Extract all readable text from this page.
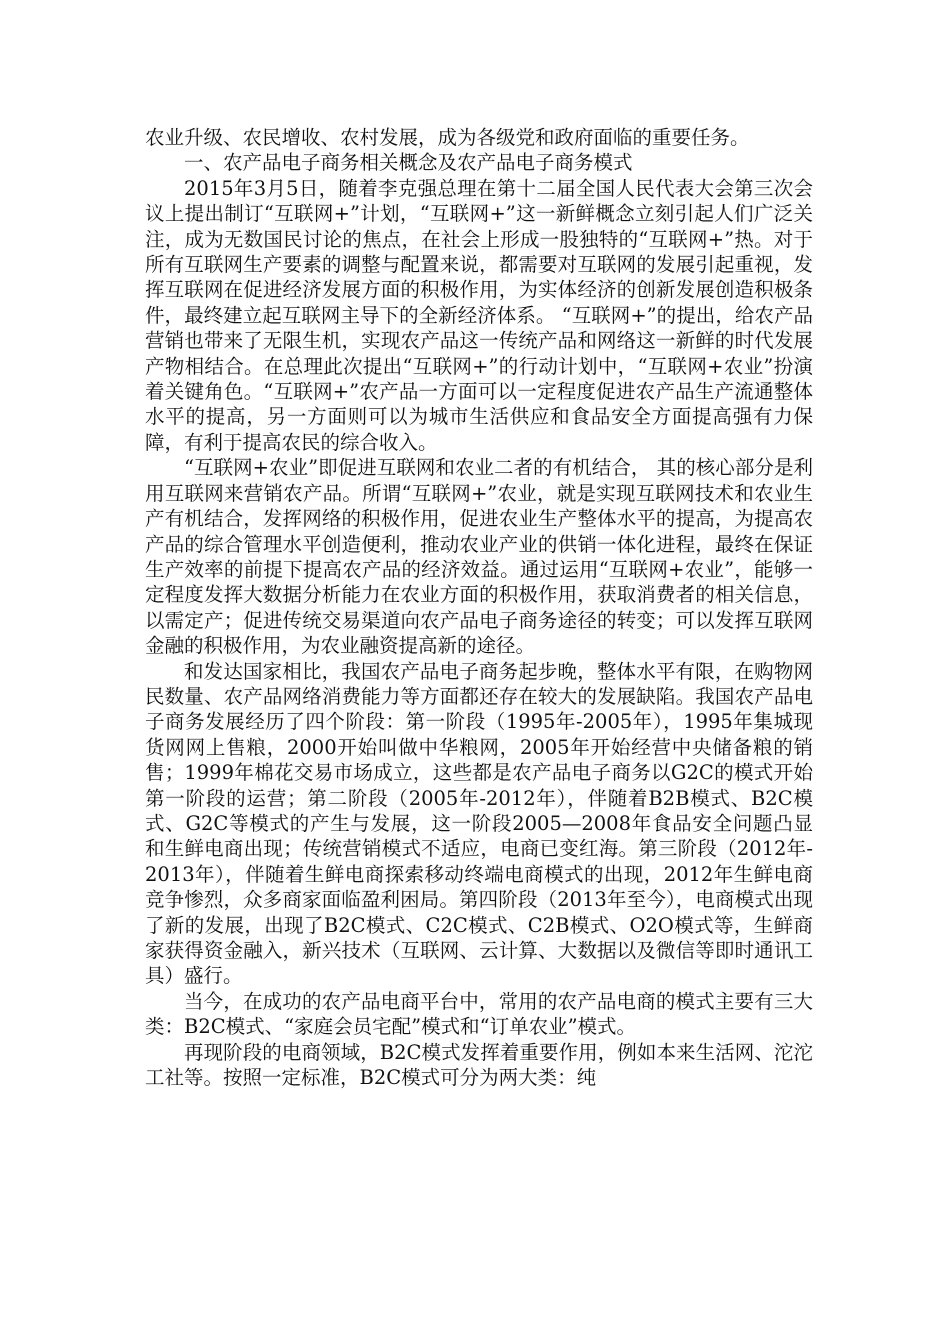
农业升级、农民增收、农村发展，成为各级党和政府面临的重要任务。

一、农产品电子商务相关概念及农产品电子商务模式

2015年3月5日，随着李克强总理在第十二届全国人民代表大会第三次会议上提出制订“互联网+”计划，“互联网+”这一新鲜概念立刻引起人们广泛关注，成为无数国民讨论的焦点，在社会上形成一股独特的“互联网+”热。对于所有互联网生产要素的调整与配置来说，都需要对互联网的发展引起重视，发挥互联网在促进经济发展方面的积极作用，为实体经济的创新发展创造积极条件，最终建立起互联网主导下的全新经济体系。 “互联网+”的提出，给农产品营销也带来了无限生机，实现农产品这一传统产品和网络这一新鲜的时代发展产物相结合。在总理此次提出“互联网+”的行动计划中，“互联网+农业”扮演着关键角色。“互联网+”农产品一方面可以一定程度促进农产品生产流通整体水平的提高，另一方面则可以为城市生活供应和食品安全方面提高强有力保障，有利于提高农民的综合收入。

“互联网+农业”即促进互联网和农业二者的有机结合， 其的核心部分是利用互联网来营销农产品。所谓“互联网+”农业，就是实现互联网技术和农业生产有机结合，发挥网络的积极作用，促进农业生产整体水平的提高，为提高农产品的综合管理水平创造便利，推动农业产业的供销一体化进程，最终在保证生产效率的前提下提高农产品的经济效益。通过运用“互联网+农业”，能够一定程度发挥大数据分析能力在农业方面的积极作用，获取消费者的相关信息，以需定产；促进传统交易渠道向农产品电子商务途径的转变；可以发挥互联网金融的积极作用，为农业融资提高新的途径。

和发达国家相比，我国农产品电子商务起步晚，整体水平有限，在购物网民数量、农产品网络消费能力等方面都还存在较大的发展缺陷。我国农产品电子商务发展经历了四个阶段：第一阶段（1995年-2005年），1995年集城现货网网上售粮，2000开始叫做中华粮网，2005年开始经营中央储备粮的销售；1999年棉花交易市场成立，这些都是农产品电子商务以G2C的模式开始第一阶段的运营；第二阶段（2005年-2012年），伴随着B2B模式、B2C模式、G2C等模式的产生与发展，这一阶段2005—2008年食品安全问题凸显和生鲜电商出现；传统营销模式不适应，电商已变红海。第三阶段（2012年-2013年），伴随着生鲜电商探索移动终端电商模式的出现，2012年生鲜电商竞争惨烈，众多商家面临盈利困局。第四阶段（2013年至今），电商模式出现了新的发展，出现了B2C模式、C2C模式、C2B模式、O2O模式等，生鲜商家获得资金融入，新兴技术（互联网、云计算、大数据以及微信等即时通讯工具）盛行。

当今，在成功的农产品电商平台中，常用的农产品电商的模式主要有三大类：B2C模式、“家庭会员宅配”模式和“订单农业”模式。

再现阶段的电商领域，B2C模式发挥着重要作用，例如本来生活网、沱沱工社等。按照一定标准，B2C模式可分为两大类：纯
